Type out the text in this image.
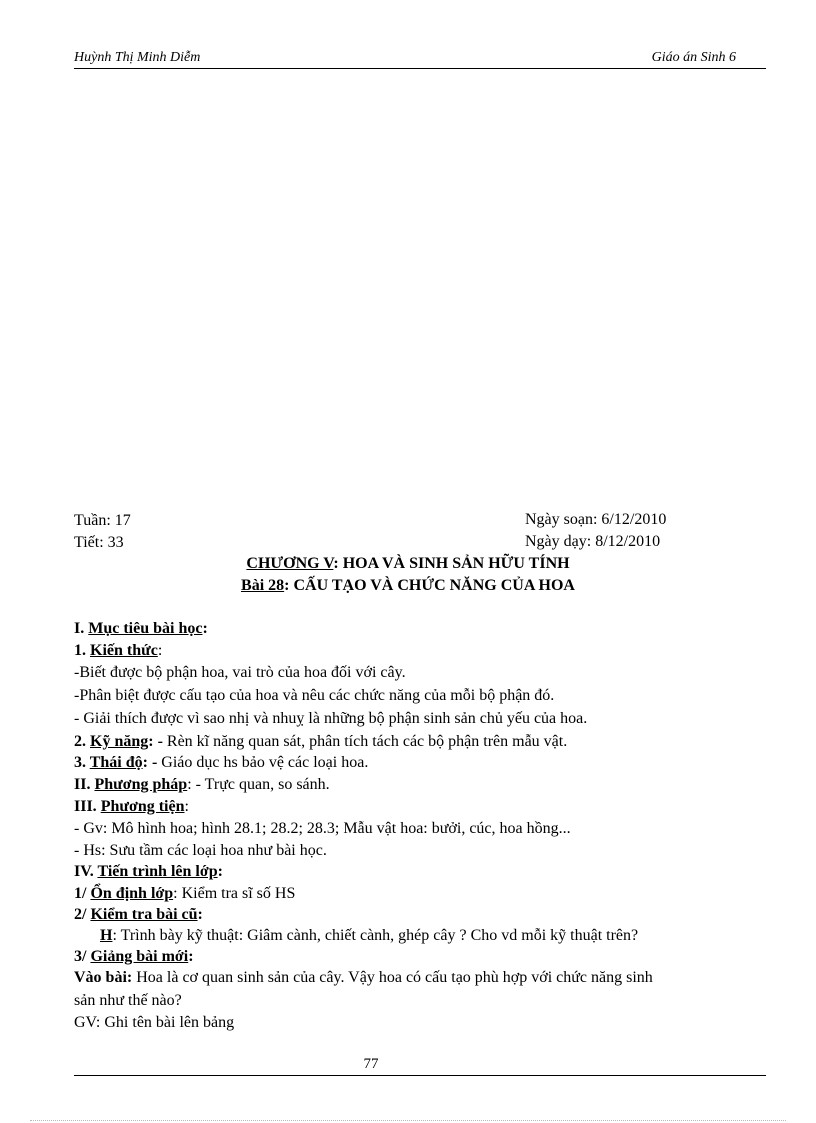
Huỳnh Thị Minh Diễm	Giáo án Sinh 6
Tuần: 17	Ngày soạn: 6/12/2010
Tiết: 33	Ngày dạy: 8/12/2010
CHƯƠNG V: HOA VÀ SINH SẢN HỮU TÍNH
Bài 28: CẤU TẠO VÀ CHỨC NĂNG CỦA HOA
I. Mục tiêu bài học:
1. Kiến thức:
-Biết được bộ phận hoa, vai trò của hoa đối với cây.
-Phân biệt được cấu tạo của hoa và nêu các chức năng của mỗi bộ phận đó.
- Giải thích được vì sao nhị và nhuỵ là những bộ phận sinh sản chủ yếu của hoa.
2. Kỹ năng: - Rèn kĩ năng quan sát, phân tích tách các bộ phận trên mẫu vật.
3. Thái độ: - Giáo dục hs bảo vệ các loại hoa.
II. Phương pháp: - Trực quan, so sánh.
III. Phương tiện:
- Gv: Mô hình hoa; hình 28.1; 28.2; 28.3; Mẫu vật hoa: bưởi, cúc, hoa hồng...
- Hs: Sưu tầm các loại hoa như bài học.
IV. Tiến trình lên lớp:
1/ Ổn định lớp: Kiểm tra sĩ số HS
2/ Kiểm tra bài cũ:
H: Trình bày kỹ thuật: Giâm cành, chiết cành, ghép cây ? Cho vd mỗi kỹ thuật trên?
3/ Giảng bài mới:
Vào bài: Hoa là cơ quan sinh sản của cây. Vậy hoa có cấu tạo phù hợp với chức năng sinh
sản như thế nào?
GV: Ghi tên bài lên bảng
77
